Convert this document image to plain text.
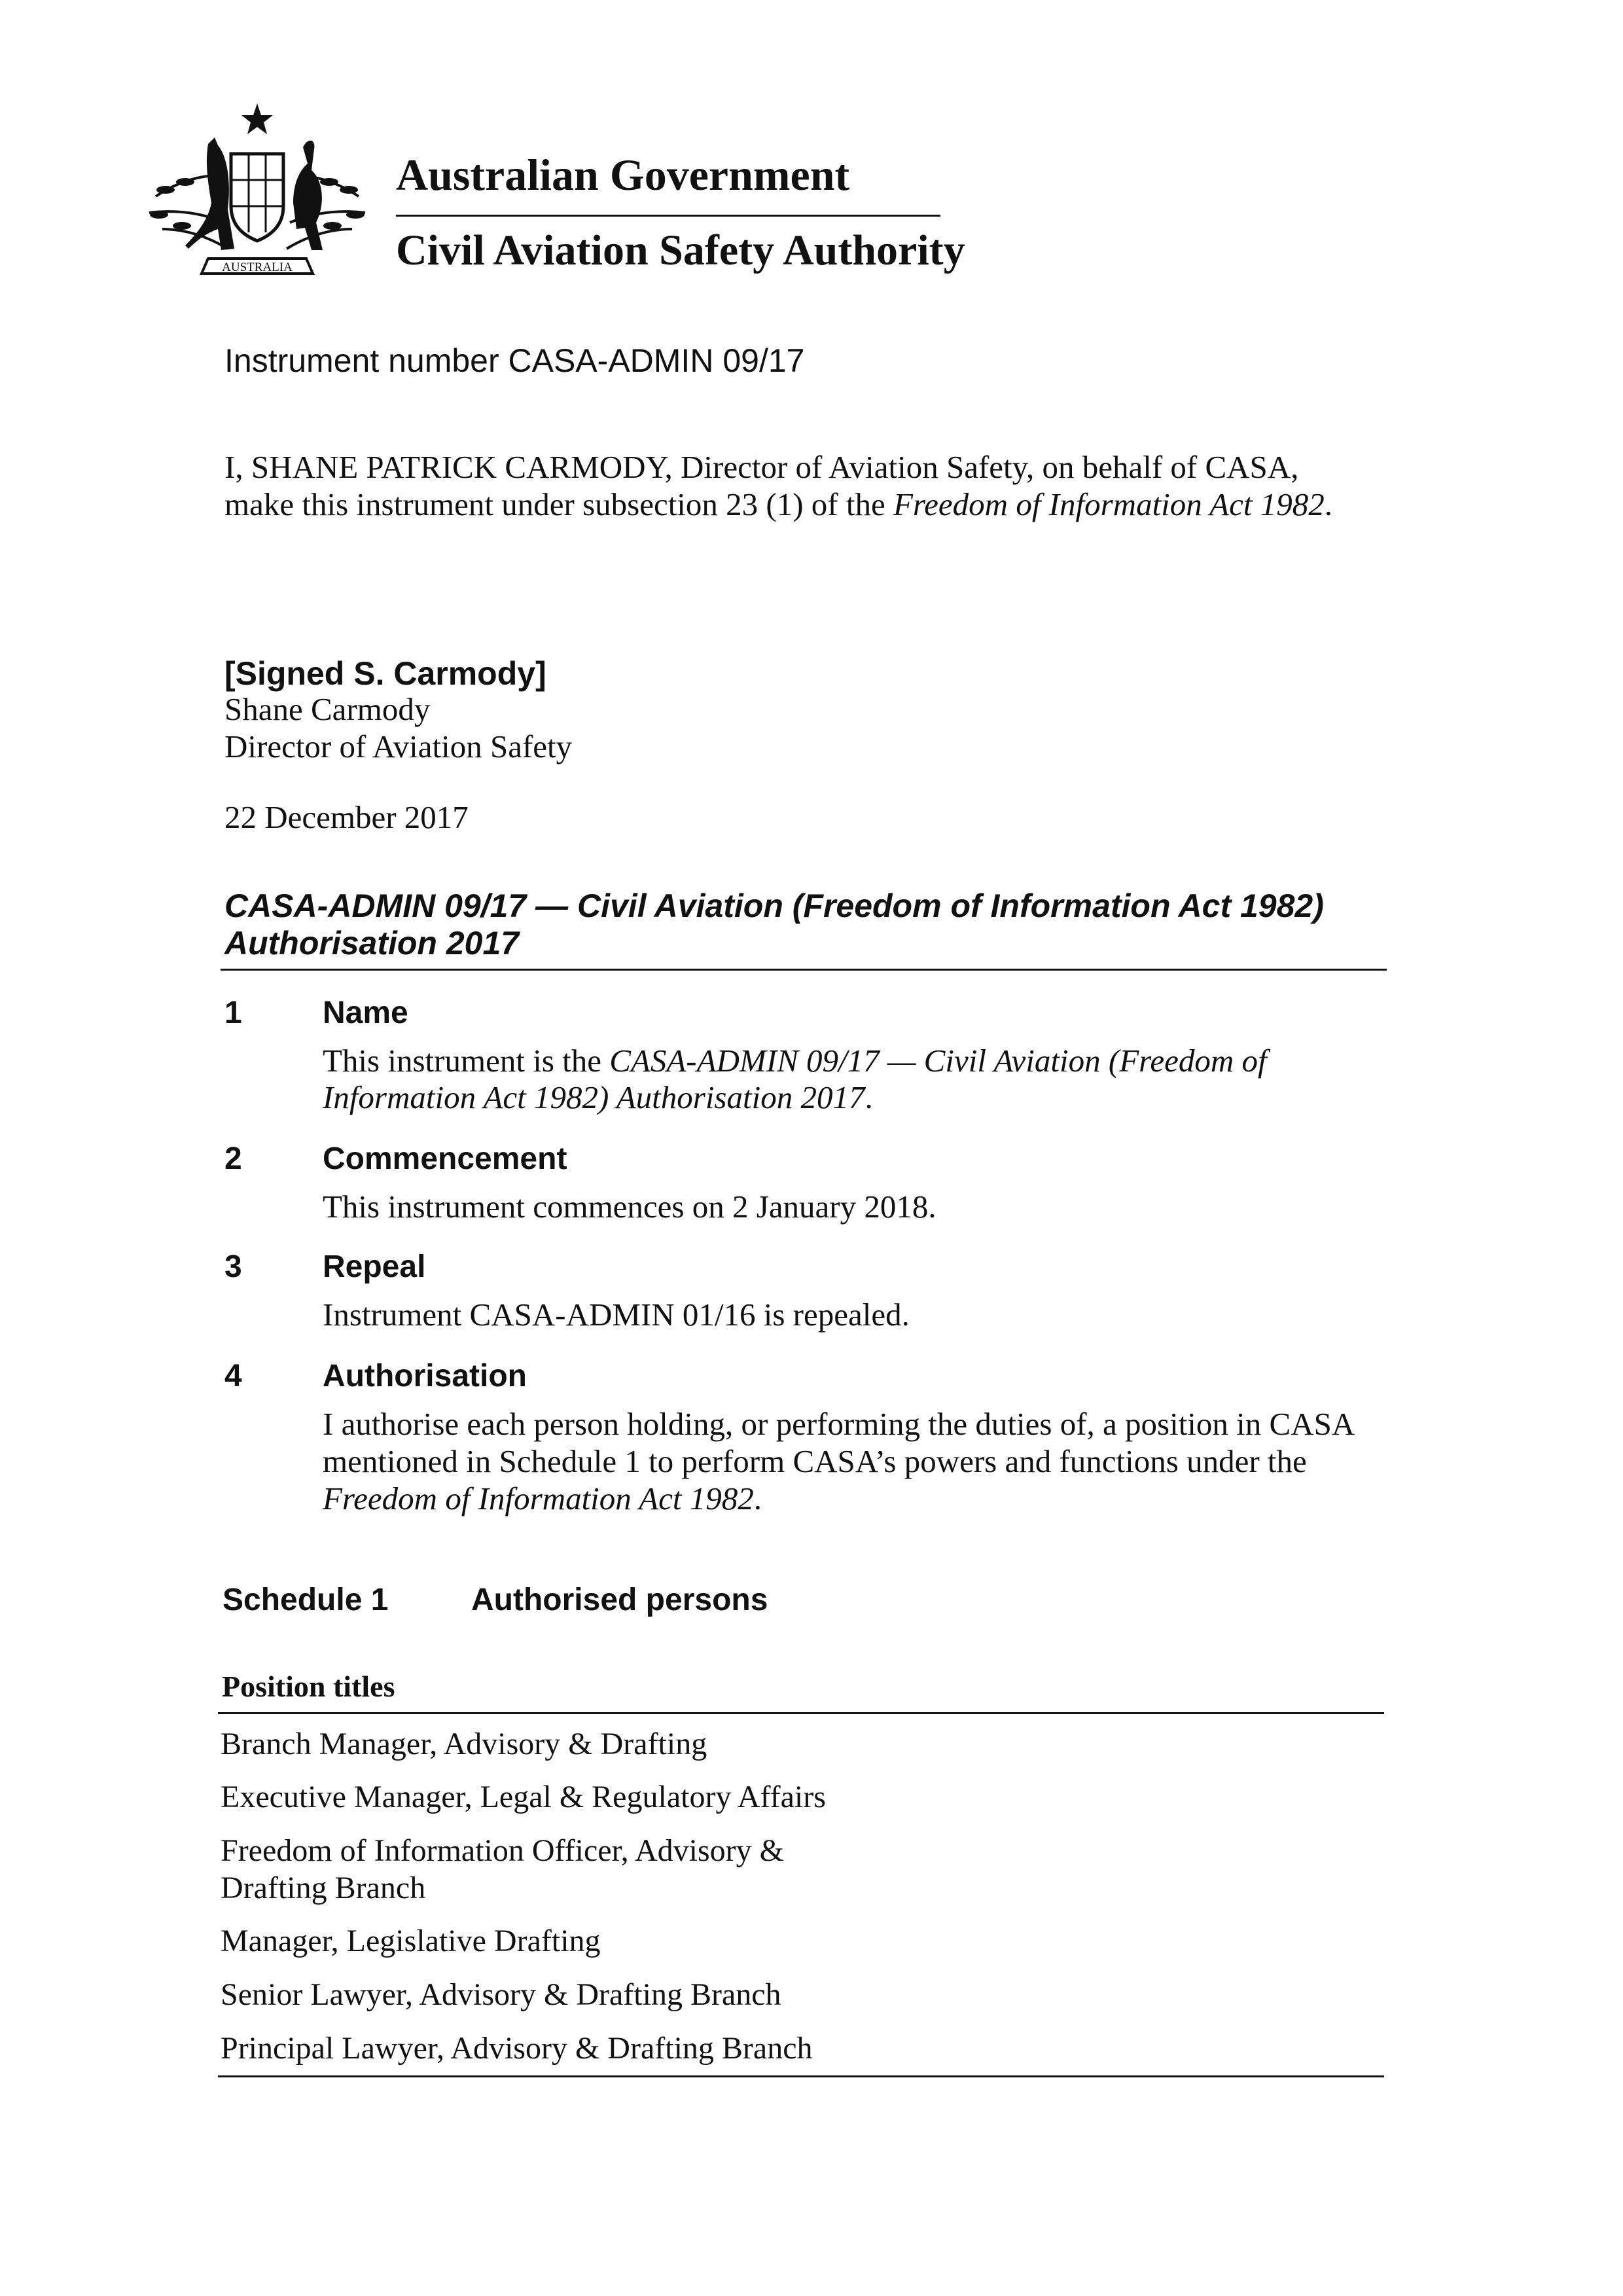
AUSTRALIA
Australian Government
Civil Aviation Safety Authority
Instrument number CASA-ADMIN 09/17
I, SHANE PATRICK CARMODY, Director of Aviation Safety, on behalf of CASA,
make this instrument under subsection 23 (1) of the Freedom of Information Act 1982.
[Signed S. Carmody]
Shane Carmody
Director of Aviation Safety
22 December 2017
CASA-ADMIN 09/17 — Civil Aviation (Freedom of Information Act 1982)
Authorisation 2017
1	Name
This instrument is the CASA-ADMIN 09/17 — Civil Aviation (Freedom of
Information Act 1982) Authorisation 2017.
2	Commencement
This instrument commences on 2 January 2018.
3	Repeal
Instrument CASA-ADMIN 01/16 is repealed.
4	Authorisation
I authorise each person holding, or performing the duties of, a position in CASA
mentioned in Schedule 1 to perform CASA’s powers and functions under the
Freedom of Information Act 1982.
Schedule 1	Authorised persons
Position titles
Branch Manager, Advisory & Drafting
Executive Manager, Legal & Regulatory Affairs
Freedom of Information Officer, Advisory &
Drafting Branch
Manager, Legislative Drafting
Senior Lawyer, Advisory & Drafting Branch
Principal Lawyer, Advisory & Drafting Branch
